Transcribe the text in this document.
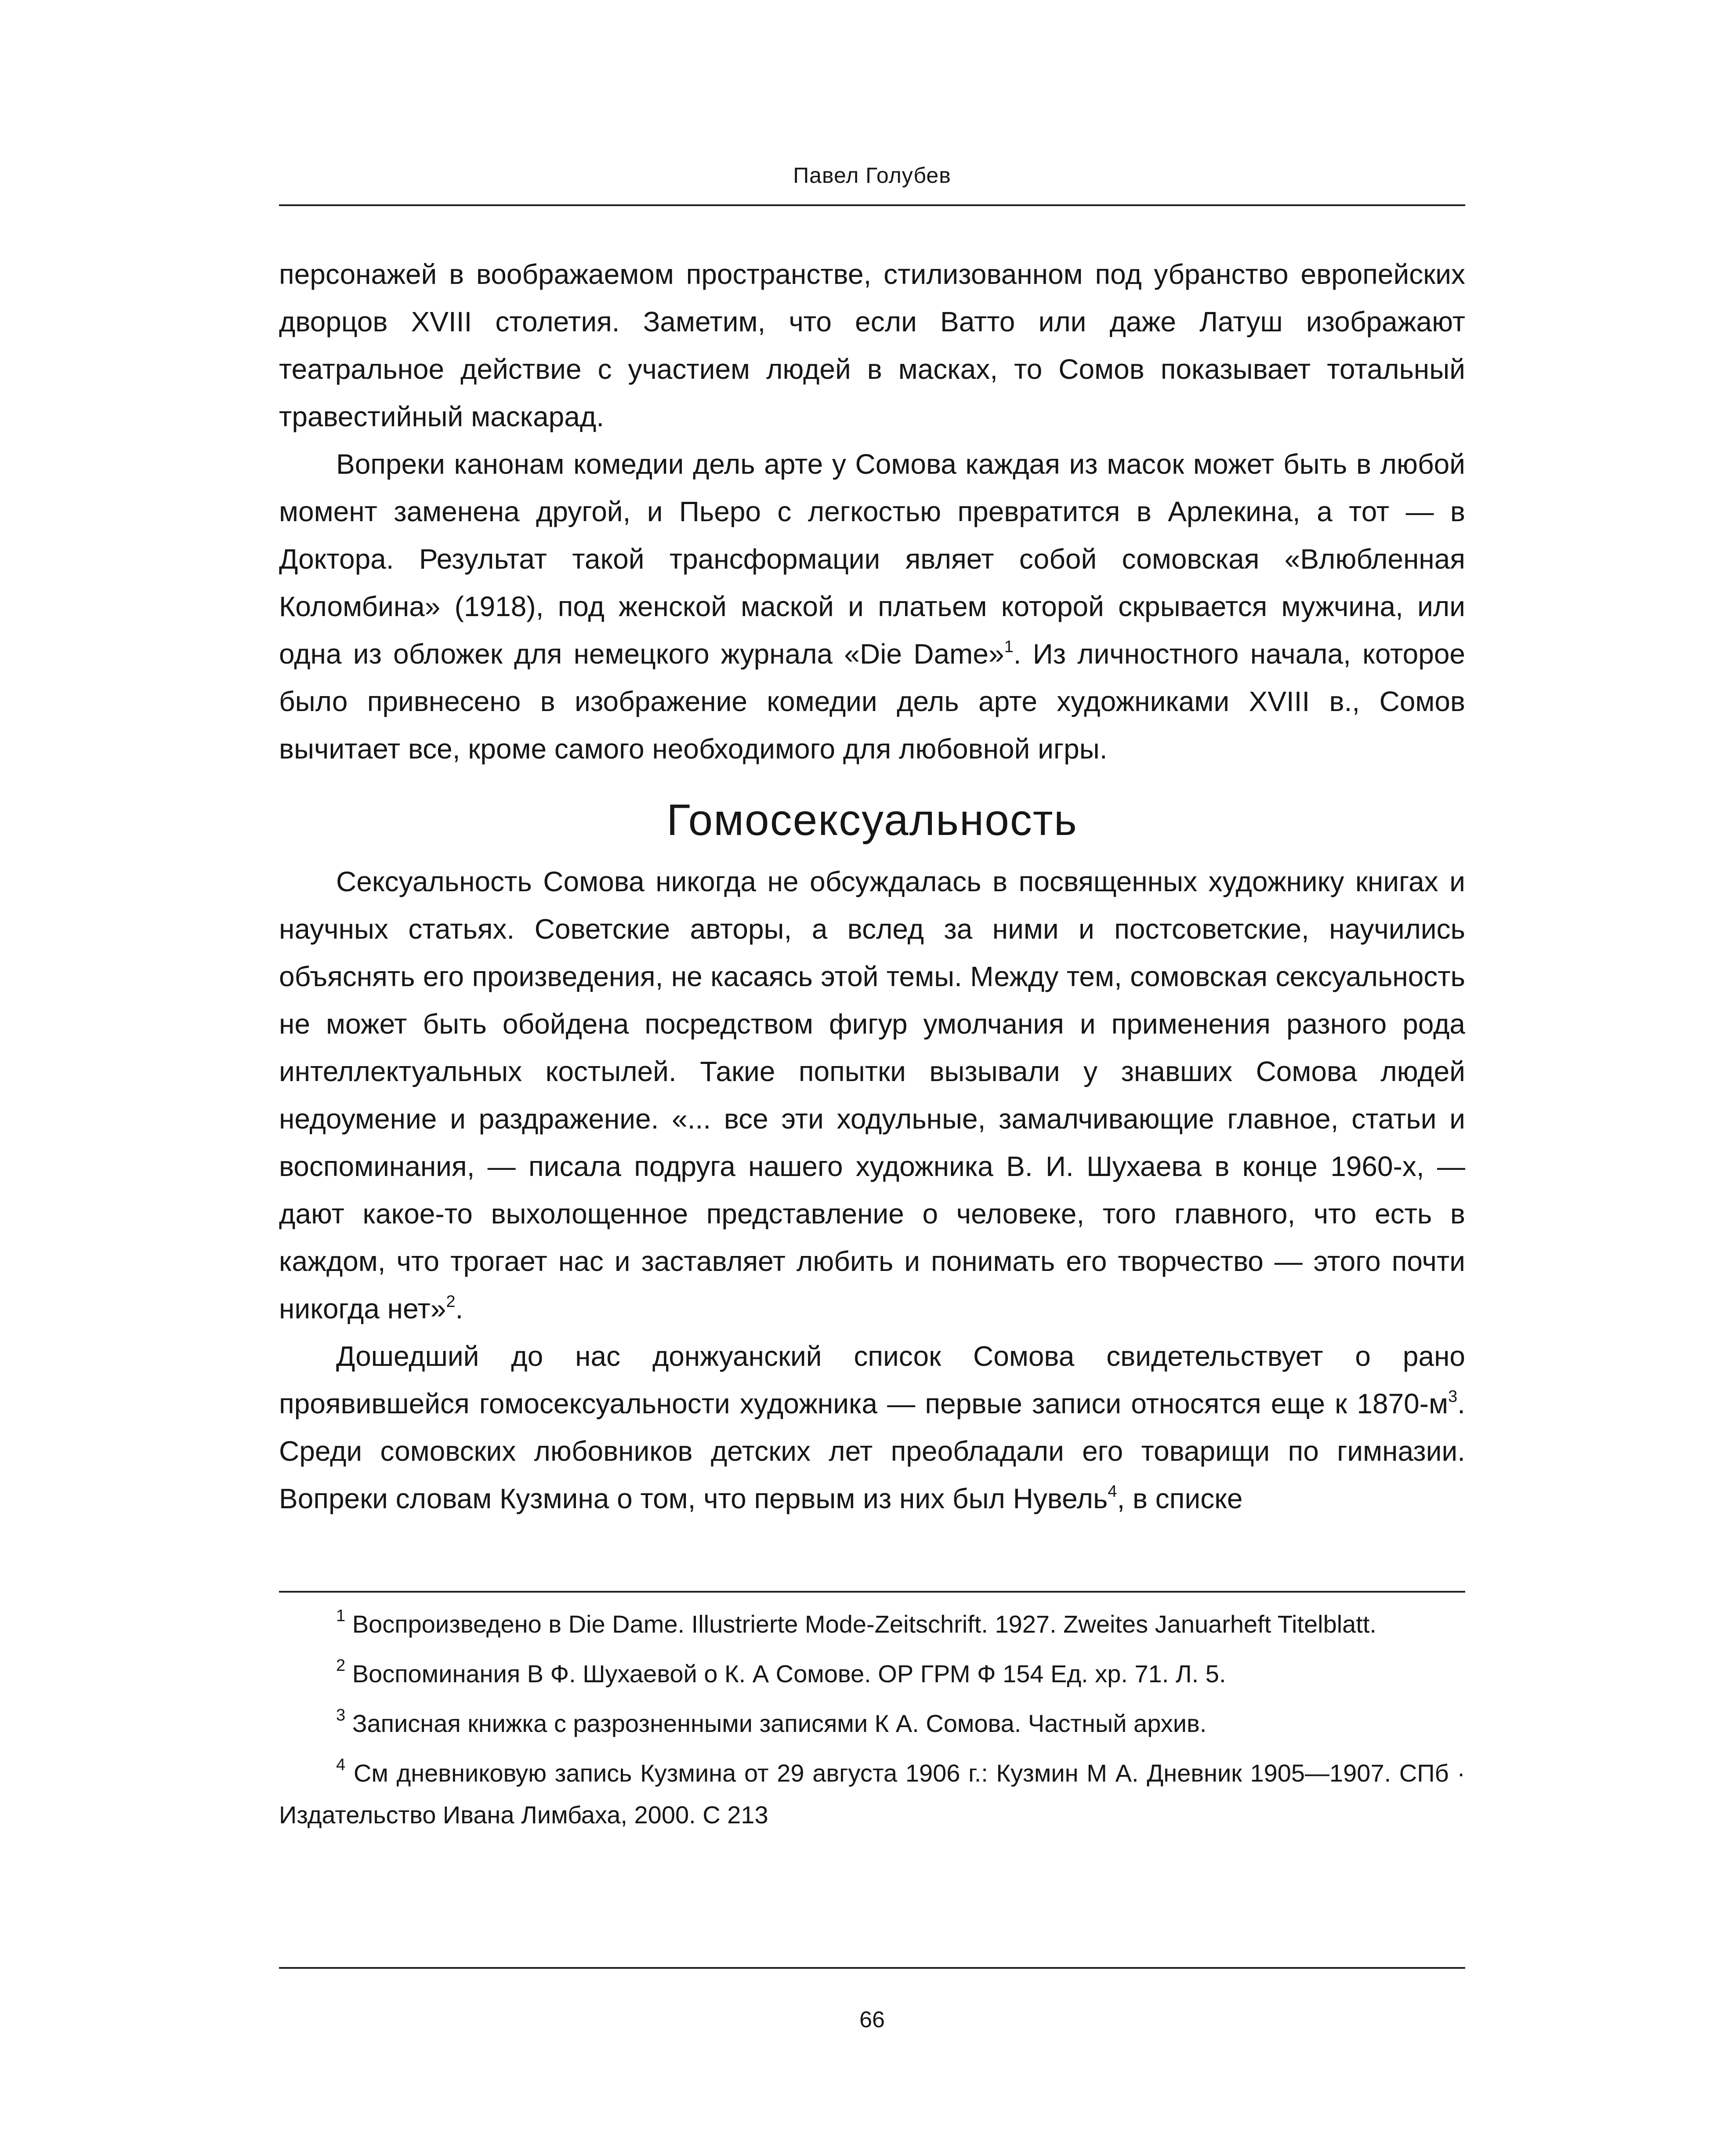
Павел Голубев

персонажей в воображаемом пространстве, стилизованном под убранство европейских дворцов XVIII столетия. Заметим, что если Ватто или даже Латуш изображают театральное действие с участием людей в масках, то Сомов показывает тотальный травестийный маскарад.

Вопреки канонам комедии дель арте у Сомова каждая из масок может быть в любой момент заменена другой, и Пьеро с легкостью превратится в Арлекина, а тот — в Доктора. Результат такой трансформации являет собой сомовская «Влюбленная Коломбина» (1918), под женской маской и платьем которой скрывается мужчина, или одна из обложек для немецкого журнала «Die Dame»$^1$. Из личностного начала, которое было привнесено в изображение комедии дель арте художниками XVIII в., Сомов вычитает все, кроме самого необходимого для любовной игры.

Гомосексуальность

Сексуальность Сомова никогда не обсуждалась в посвященных художнику книгах и научных статьях. Советские авторы, а вслед за ними и постсоветские, научились объяснять его произведения, не касаясь этой темы. Между тем, сомовская сексуальность не может быть обойдена посредством фигур умолчания и применения разного рода интеллектуальных костылей. Такие попытки вызывали у знавших Сомова людей недоумение и раздражение. «... все эти ходульные, замалчивающие главное, статьи и воспоминания, — писала подруга нашего художника В. И. Шухаева в конце 1960-х, — дают какое-то выхолощенное представление о человеке, того главного, что есть в каждом, что трогает нас и заставляет любить и понимать его творчество — этого почти никогда нет»$^2$.

Дошедший до нас донжуанский список Сомова свидетельствует о рано проявившейся гомосексуальности художника — первые записи относятся еще к $1870-м^3$. Среди сомовских любовников детских лет преобладали его товарищи по гимназии. Вопреки словам Кузмина о том, что первым из них был Нувель$^4$, в списке

$^1$ Воспроизведено в Die Dame. Illustrierte Mode-Zeitschrift. 1927. Zweites Januarheft Titelblatt.

$^2$ Воспоминания В Ф. Шухаевой о К. А Сомове. ОР ГРМ Ф 154 Ед. хр. 71. Л. 5.

$^3$ Записная книжка с разрозненными записями К А. Сомова. Частный архив.

$^4$ См дневниковую запись Кузмина от 29 августа 1906 г.: Кузмин М А. Дневник 1905—1907. СПб · Издательство Ивана Лимбаха, 2000. С 213

66
